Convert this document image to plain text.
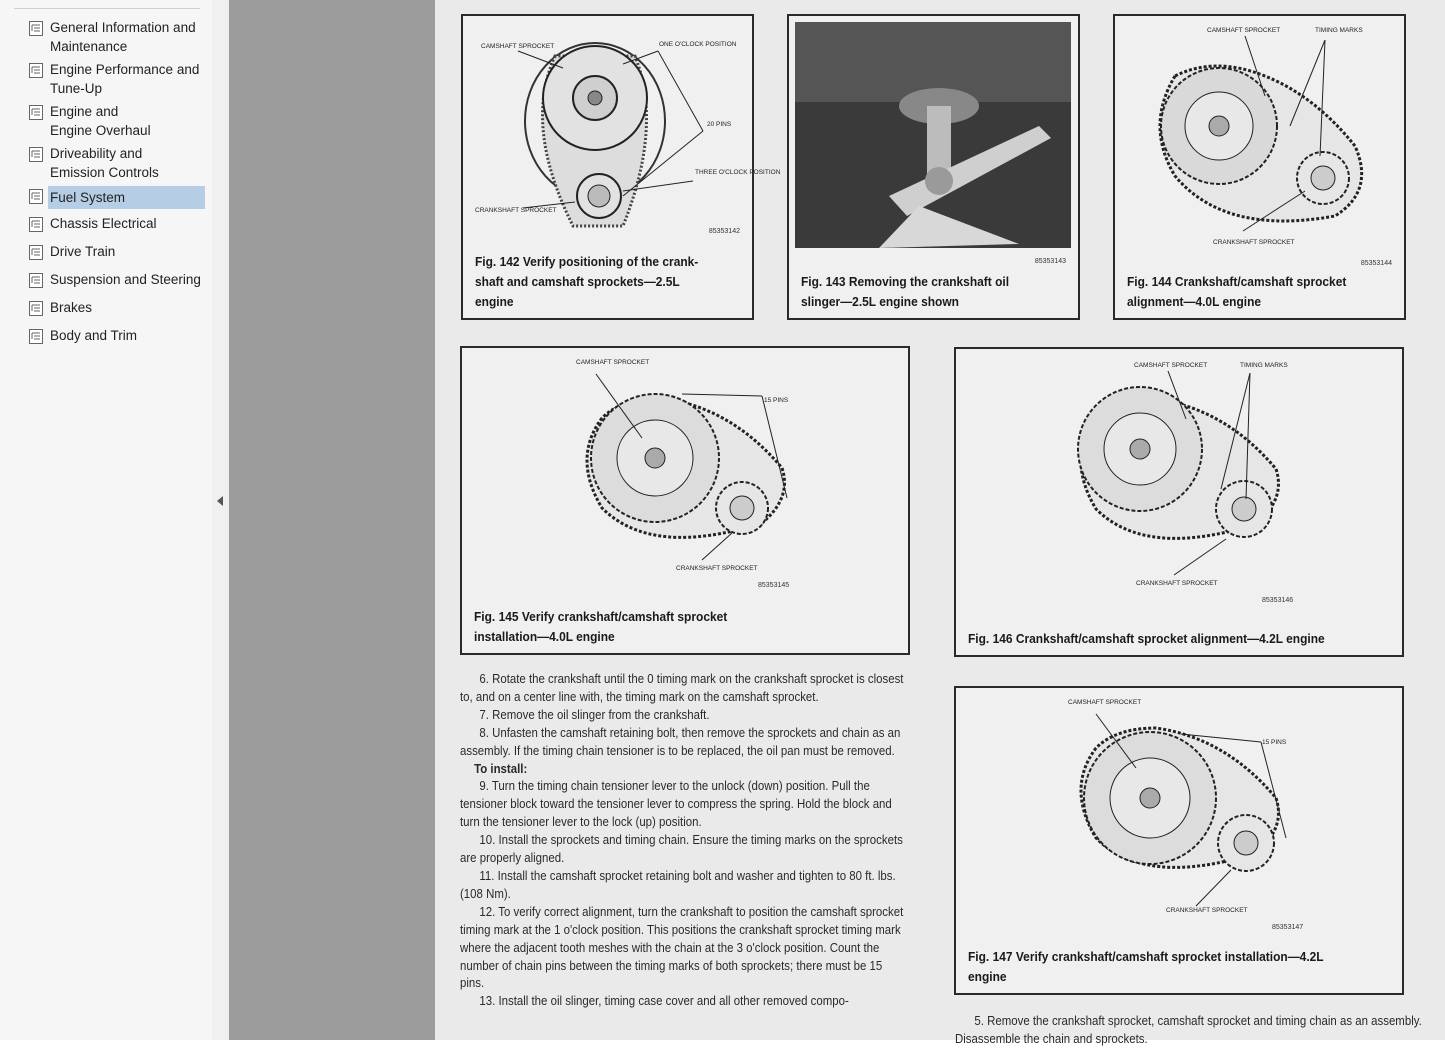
General Information and
Maintenance
Engine Performance and
Tune-Up
Engine and
Engine Overhaul
Driveability and
Emission Controls
Fuel System
Chassis Electrical
Drive Train
Suspension and Steering
Brakes
Body and Trim
CAMSHAFT SPROCKET	ONE O'CLOCK POSITION
20 PINS
THREE O'CLOCK POSITION
CRANKSHAFT SPROCKET
85353142
Fig. 142 Verify positioning of the crank-shaft and camshaft sprockets—2.5L engine
85353143
Fig. 143 Removing the crankshaft oil slinger—2.5L engine shown
CAMSHAFT SPROCKET	TIMING MARKS
CRANKSHAFT SPROCKET
85353144
Fig. 144 Crankshaft/camshaft sprocket alignment—4.0L engine
CAMSHAFT SPROCKET
15 PINS
CRANKSHAFT SPROCKET
85353145
Fig. 145 Verify crankshaft/camshaft sprocket installation—4.0L engine
CAMSHAFT SPROCKET	TIMING MARKS
CRANKSHAFT SPROCKET
85353146
Fig. 146 Crankshaft/camshaft sprocket alignment—4.2L engine

6. Rotate the crankshaft until the 0 timing mark on the crankshaft sprocket is closest to, and on a center line with, the timing mark on the camshaft sprocket.

7. Remove the oil slinger from the crankshaft.

8. Unfasten the camshaft retaining bolt, then remove the sprockets and chain as an assembly. If the timing chain tensioner is to be replaced, the oil pan must be removed.

To install:

9. Turn the timing chain tensioner lever to the unlock (down) position. Pull the tensioner block toward the tensioner lever to compress the spring. Hold the block and turn the tensioner lever to the lock (up) position.

10. Install the sprockets and timing chain. Ensure the timing marks on the sprockets are properly aligned.

11. Install the camshaft sprocket retaining bolt and washer and tighten to 80 ft. lbs. (108 Nm).

12. To verify correct alignment, turn the crankshaft to position the camshaft sprocket timing mark at the 1 o'clock position. This positions the crankshaft sprocket timing mark where the adjacent tooth meshes with the chain at the 3 o'clock position. Count the number of chain pins between the timing marks of both sprockets; there must be 15 pins.

13. Install the oil slinger, timing case cover and all other removed compo-

CAMSHAFT SPROCKET
15 PINS
CRANKSHAFT SPROCKET
85353147
Fig. 147 Verify crankshaft/camshaft sprocket installation—4.2L engine

5. Remove the crankshaft sprocket, camshaft sprocket and timing chain as an assembly. Disassemble the chain and sprockets.
